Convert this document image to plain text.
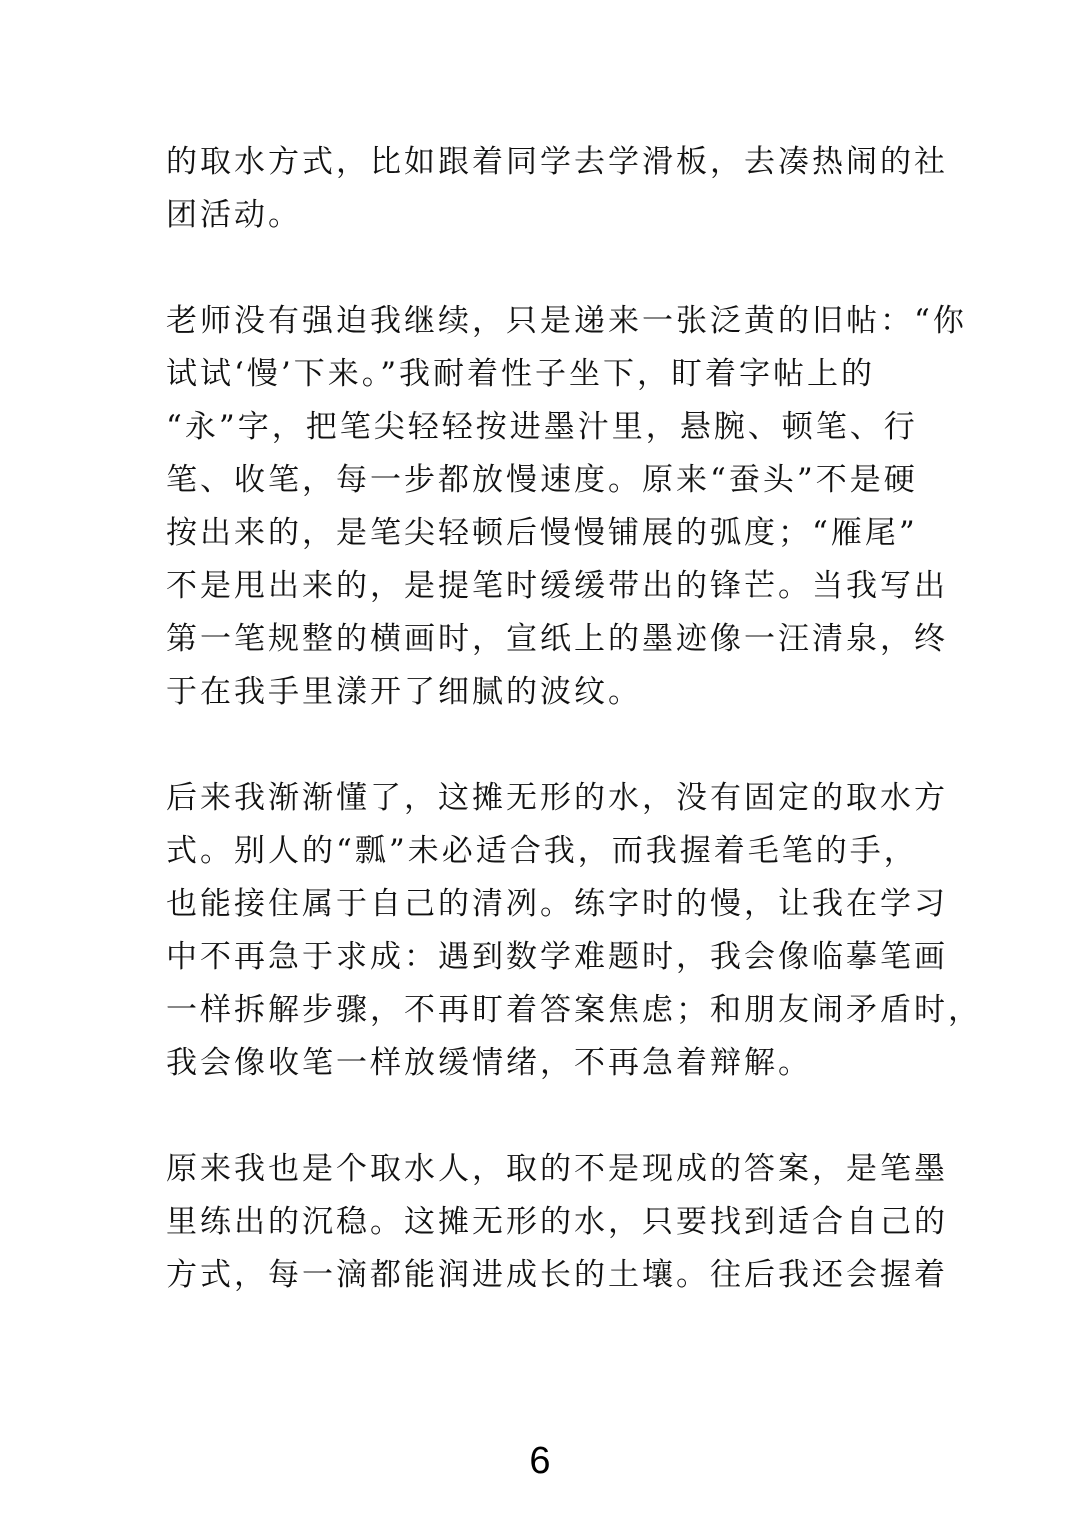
的取水方式，比如跟着同学去学滑板，去凑热闹的社
团活动。

老师没有强迫我继续，只是递来一张泛黄的旧帖：“你
试试‘慢’下来。”我耐着性子坐下，盯着字帖上的
“永”字，把笔尖轻轻按进墨汁里，悬腕、顿笔、行
笔、收笔，每一步都放慢速度。原来“蚕头”不是硬
按出来的，是笔尖轻顿后慢慢铺展的弧度；“雁尾”
不是甩出来的，是提笔时缓缓带出的锋芒。当我写出
第一笔规整的横画时，宣纸上的墨迹像一汪清泉，终
于在我手里漾开了细腻的波纹。

后来我渐渐懂了，这摊无形的水，没有固定的取水方
式。别人的“瓢”未必适合我，而我握着毛笔的手，
也能接住属于自己的清冽。练字时的慢，让我在学习
中不再急于求成：遇到数学难题时，我会像临摹笔画
一样拆解步骤，不再盯着答案焦虑；和朋友闹矛盾时，
我会像收笔一样放缓情绪，不再急着辩解。

原来我也是个取水人，取的不是现成的答案，是笔墨
里练出的沉稳。这摊无形的水，只要找到适合自己的
方式，每一滴都能润进成长的土壤。往后我还会握着

6
